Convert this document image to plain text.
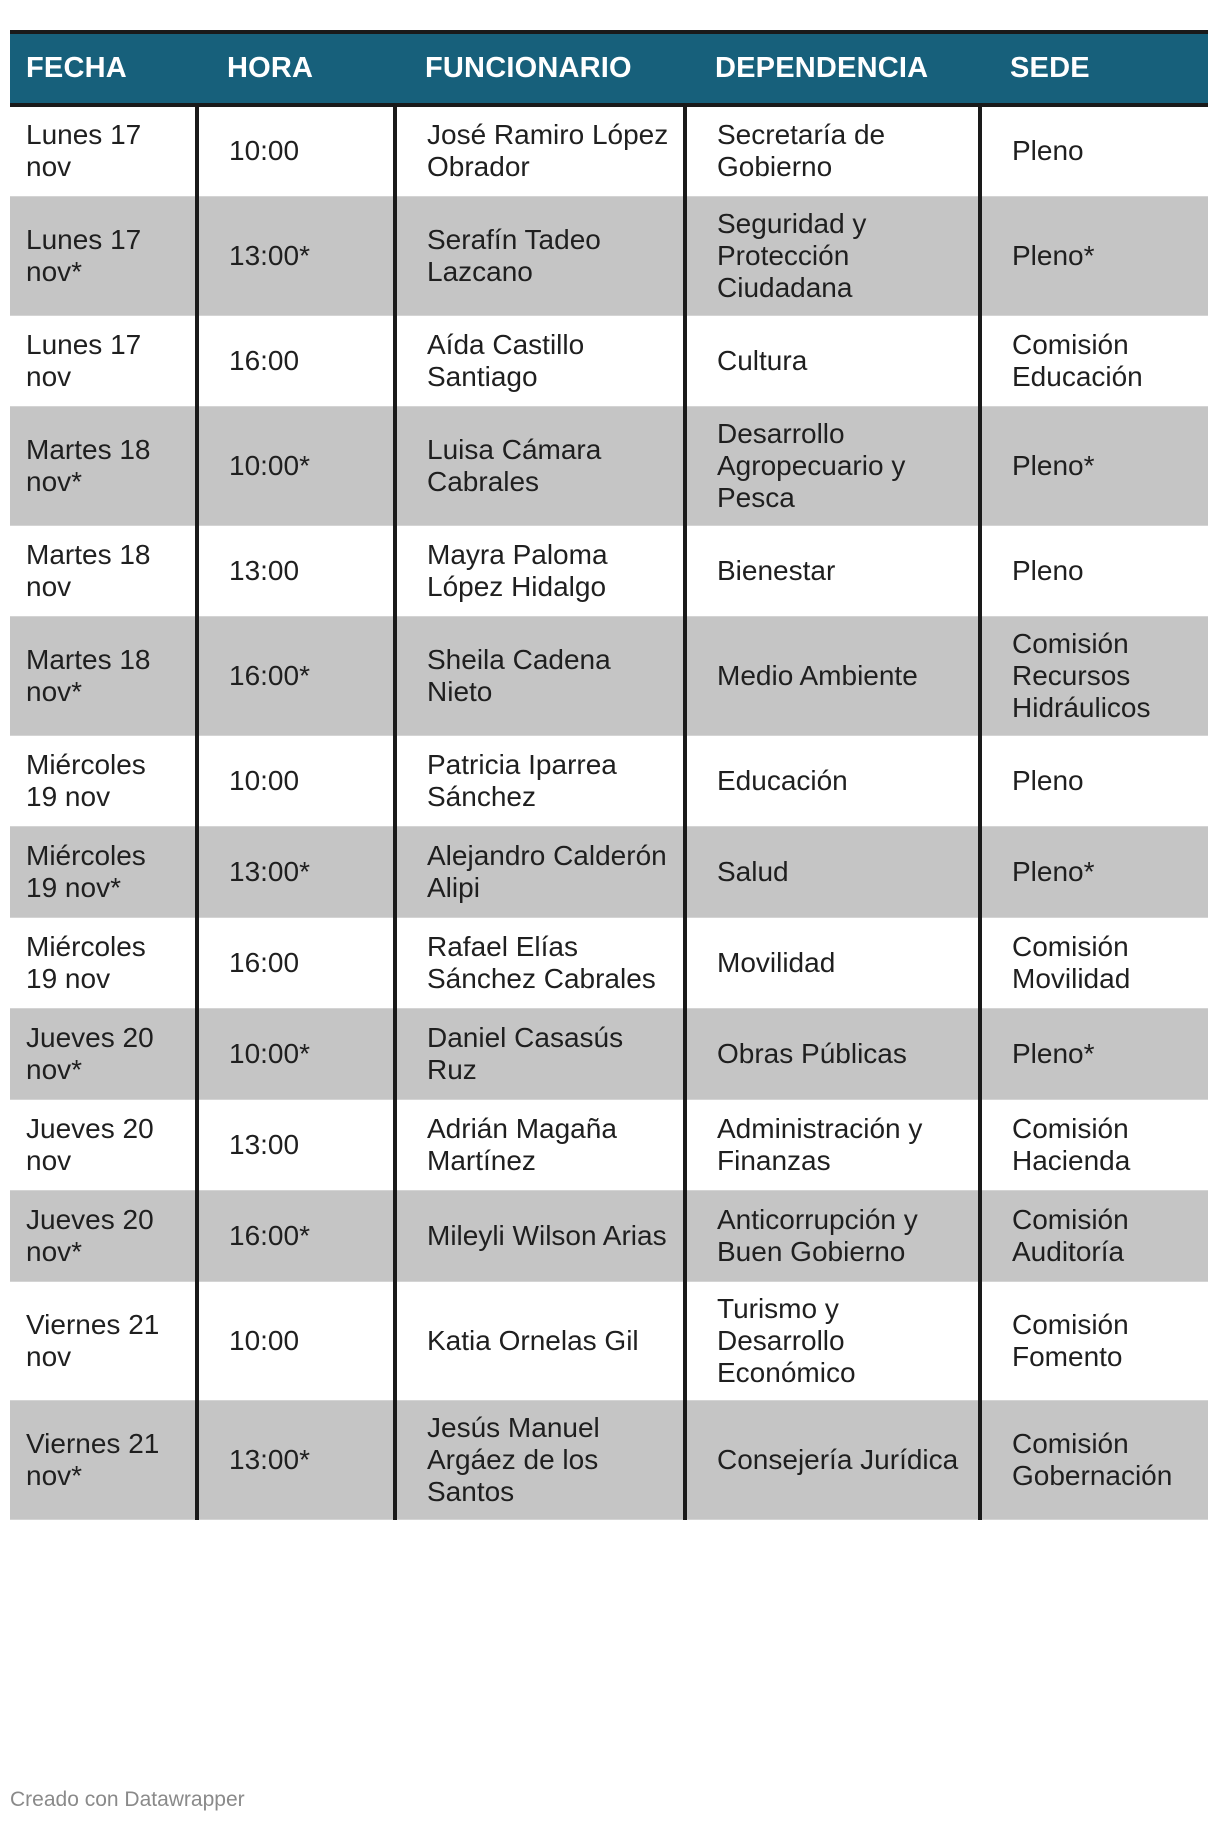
FECHA	HORA	FUNCIONARIO	DEPENDENCIA	SEDE
Lunes 17 nov	10:00	José Ramiro López Obrador	Secretaría de Gobierno	Pleno
Lunes 17 nov*	13:00*	Serafín Tadeo Lazcano	Seguridad y Protección Ciudadana	Pleno*
Lunes 17 nov	16:00	Aída Castillo Santiago	Cultura	Comisión Educación
Martes 18 nov*	10:00*	Luisa Cámara Cabrales	Desarrollo Agropecuario y Pesca	Pleno*
Martes 18 nov	13:00	Mayra Paloma López Hidalgo	Bienestar	Pleno
Martes 18 nov*	16:00*	Sheila Cadena Nieto	Medio Ambiente	Comisión Recursos Hidráulicos
Miércoles 19 nov	10:00	Patricia Iparrea Sánchez	Educación	Pleno
Miércoles 19 nov*	13:00*	Alejandro Calderón Alipi	Salud	Pleno*
Miércoles 19 nov	16:00	Rafael Elías Sánchez Cabrales	Movilidad	Comisión Movilidad
Jueves 20 nov*	10:00*	Daniel Casasús Ruz	Obras Públicas	Pleno*
Jueves 20 nov	13:00	Adrián Magaña Martínez	Administración y Finanzas	Comisión Hacienda
Jueves 20 nov*	16:00*	Mileyli Wilson Arias	Anticorrupción y Buen Gobierno	Comisión Auditoría
Viernes 21 nov	10:00	Katia Ornelas Gil	Turismo y Desarrollo Económico	Comisión Fomento
Viernes 21 nov*	13:00*	Jesús Manuel Argáez de los Santos	Consejería Jurídica	Comisión Gobernación
Creado con Datawrapper
